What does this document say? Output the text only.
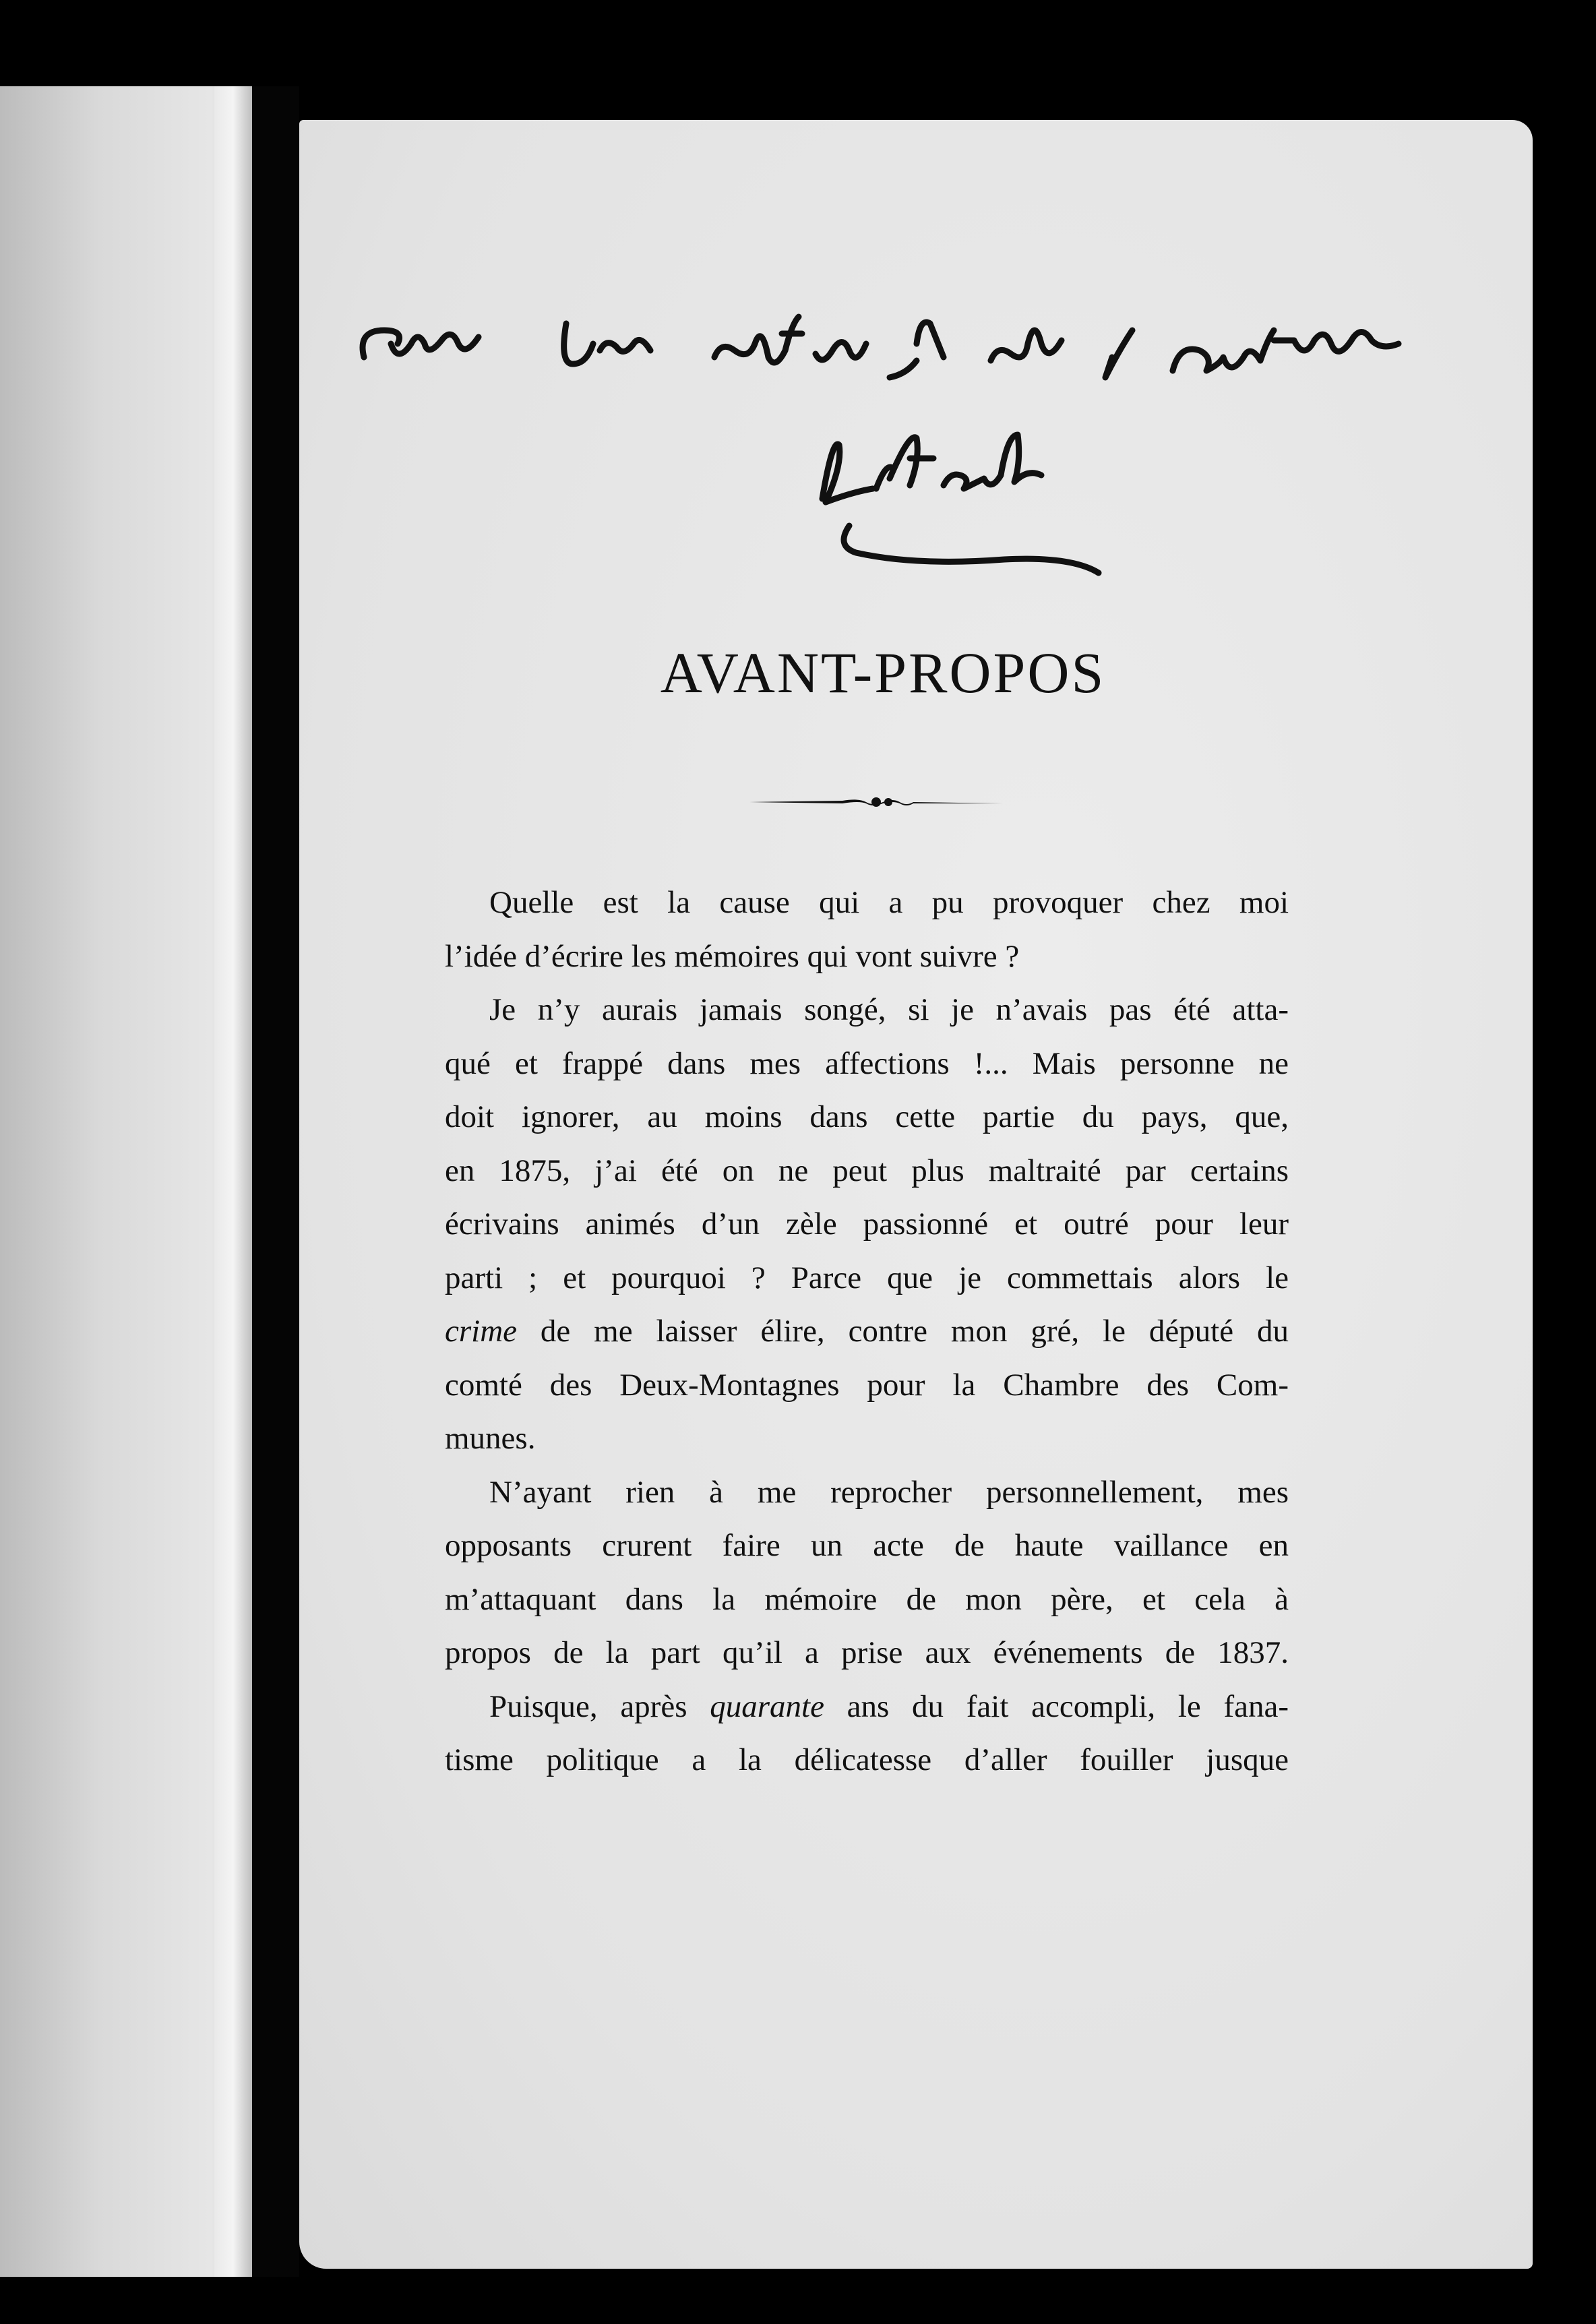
AVANT-PROPOS
Quelle est la cause qui a pu provoquer chez moi
l’idée d’écrire les mémoires qui vont suivre ?
Je n’y aurais jamais songé, si je n’avais pas été atta-
qué et frappé dans mes affections !... Mais personne ne
doit ignorer, au moins dans cette partie du pays, que,
en 1875, j’ai été on ne peut plus maltraité par certains
écrivains animés d’un zèle passionné et outré pour leur
parti ; et pourquoi ? Parce que je commettais alors le
crime de me laisser élire, contre mon gré, le député du
comté des Deux-Montagnes pour la Chambre des Com-
munes.
N’ayant rien à me reprocher personnellement, mes
opposants crurent faire un acte de haute vaillance en
m’attaquant dans la mémoire de mon père, et cela à
propos de la part qu’il a prise aux événements de 1837.
Puisque, après quarante ans du fait accompli, le fana-
tisme politique a la délicatesse d’aller fouiller jusque
